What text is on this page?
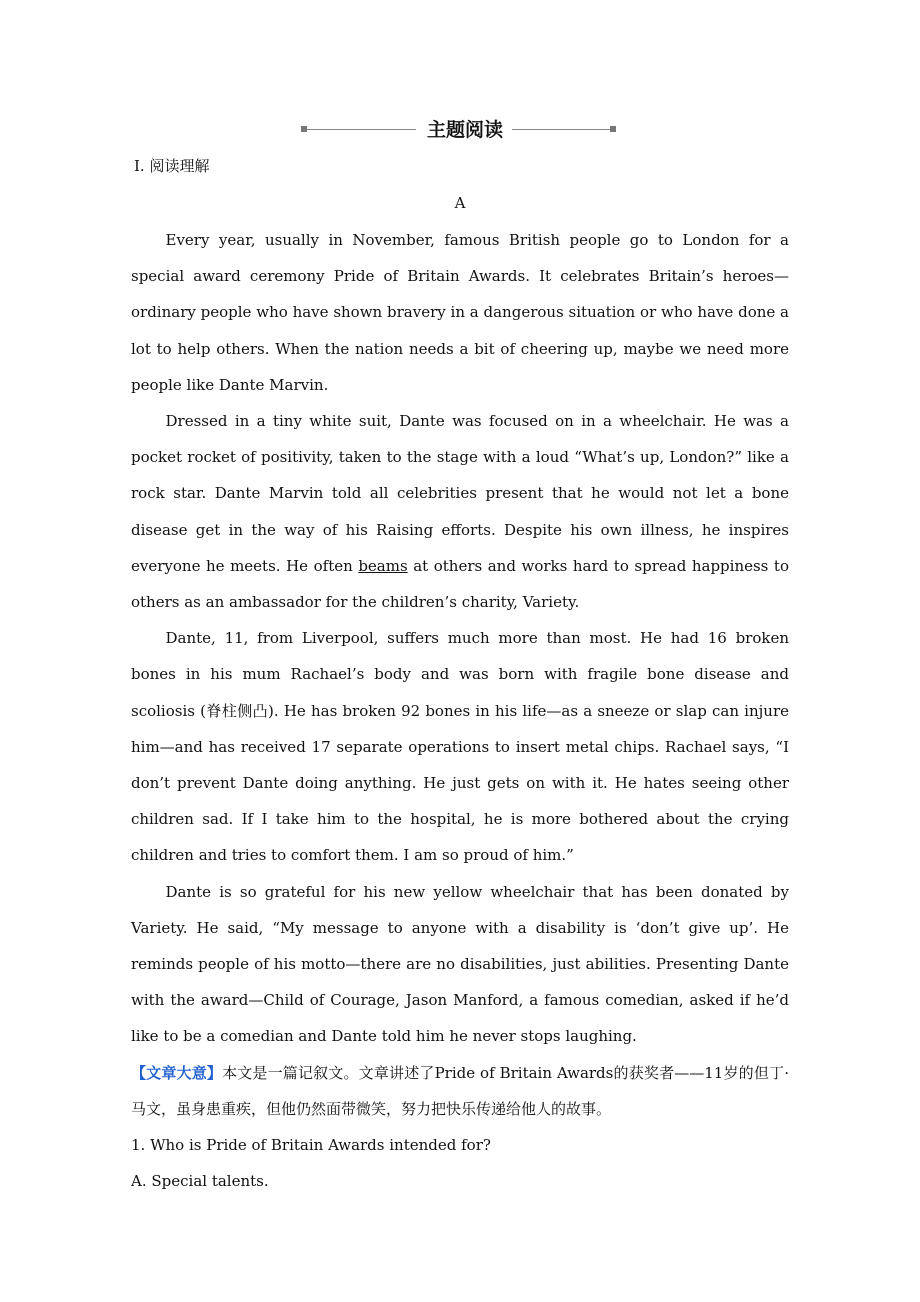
主题阅读
Ⅰ. 阅读理解
A

Every year, usually in November, famous British people go to London for a special award ceremony Pride of Britain Awards. It celebrates Britain’s heroes—ordinary people who have shown bravery in a dangerous situation or who have done a lot to help others. When the nation needs a bit of cheering up, maybe we need more people like Dante Marvin.

Dressed in a tiny white suit, Dante was focused on in a wheelchair. He was a pocket rocket of positivity, taken to the stage with a loud “What’s up, London?” like a rock star. Dante Marvin told all celebrities present that he would not let a bone disease get in the way of his Raising efforts. Despite his own illness, he inspires everyone he meets. He often beams at others and works hard to spread happiness to others as an ambassador for the children’s charity, Variety.

Dante, 11, from Liverpool, suffers much more than most. He had 16 broken bones in his mum Rachael’s body and was born with fragile bone disease and scoliosis (脊柱侧凸). He has broken 92 bones in his life—as a sneeze or slap can injure him—and has received 17 separate operations to insert metal chips. Rachael says, “I don’t prevent Dante doing anything. He just gets on with it. He hates seeing other children sad. If I take him to the hospital, he is more bothered about the crying children and tries to comfort them. I am so proud of him.”

Dante is so grateful for his new yellow wheelchair that has been donated by Variety. He said, “My message to anyone with a disability is ‘don’t give up’. He reminds people of his motto—there are no disabilities, just abilities. Presenting Dante with the award—Child of Courage, Jason Manford, a famous comedian, asked if he’d like to be a comedian and Dante told him he never stops laughing.

【文章大意】本文是一篇记叙文。文章讲述了Pride of Britain Awards的获奖者——11岁的但丁·马文，虽身患重疾，但他仍然面带微笑，努力把快乐传递给他人的故事。

1. Who is Pride of Britain Awards intended for?

A. Special talents.
